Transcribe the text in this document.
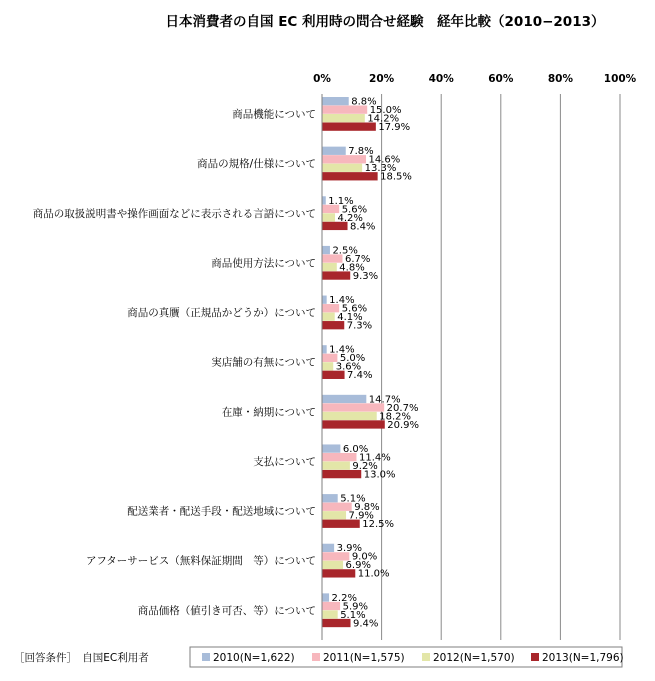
日本消費者の自国 EC 利用時の問合せ経験　経年比較（2010−2013）
0%	20%	40%	60%	80%	100%
商品機能について
商品の規格/仕様について
商品の取扱説明書や操作画面などに表示される言語について
商品使用方法について
商品の真贋（正規品かどうか）について
実店舗の有無について
在庫・納期について
支払について
配送業者・配送手段・配送地域について
アフターサービス（無料保証期間　等）について
商品価格（値引き可否、等）について
8.8%
15.0%
14.2%
17.9%
7.8%
14.6%
13.3%
18.5%
1.1%
5.6%
4.2%
8.4%
2.5%
6.7%
4.8%
9.3%
1.4%
5.6%
4.1%
7.3%
1.4%
5.0%
3.6%
7.4%
14.7%
20.7%
18.2%
20.9%
6.0%
11.4%
9.2%
13.0%
5.1%
9.8%
7.9%
12.5%
3.9%
9.0%
6.9%
11.0%
2.2%
5.9%
5.1%
9.4%
2010(N=1,622)	2011(N=1,575)	2012(N=1,570)	2013(N=1,796)
［回答条件］　自国EC利用者
